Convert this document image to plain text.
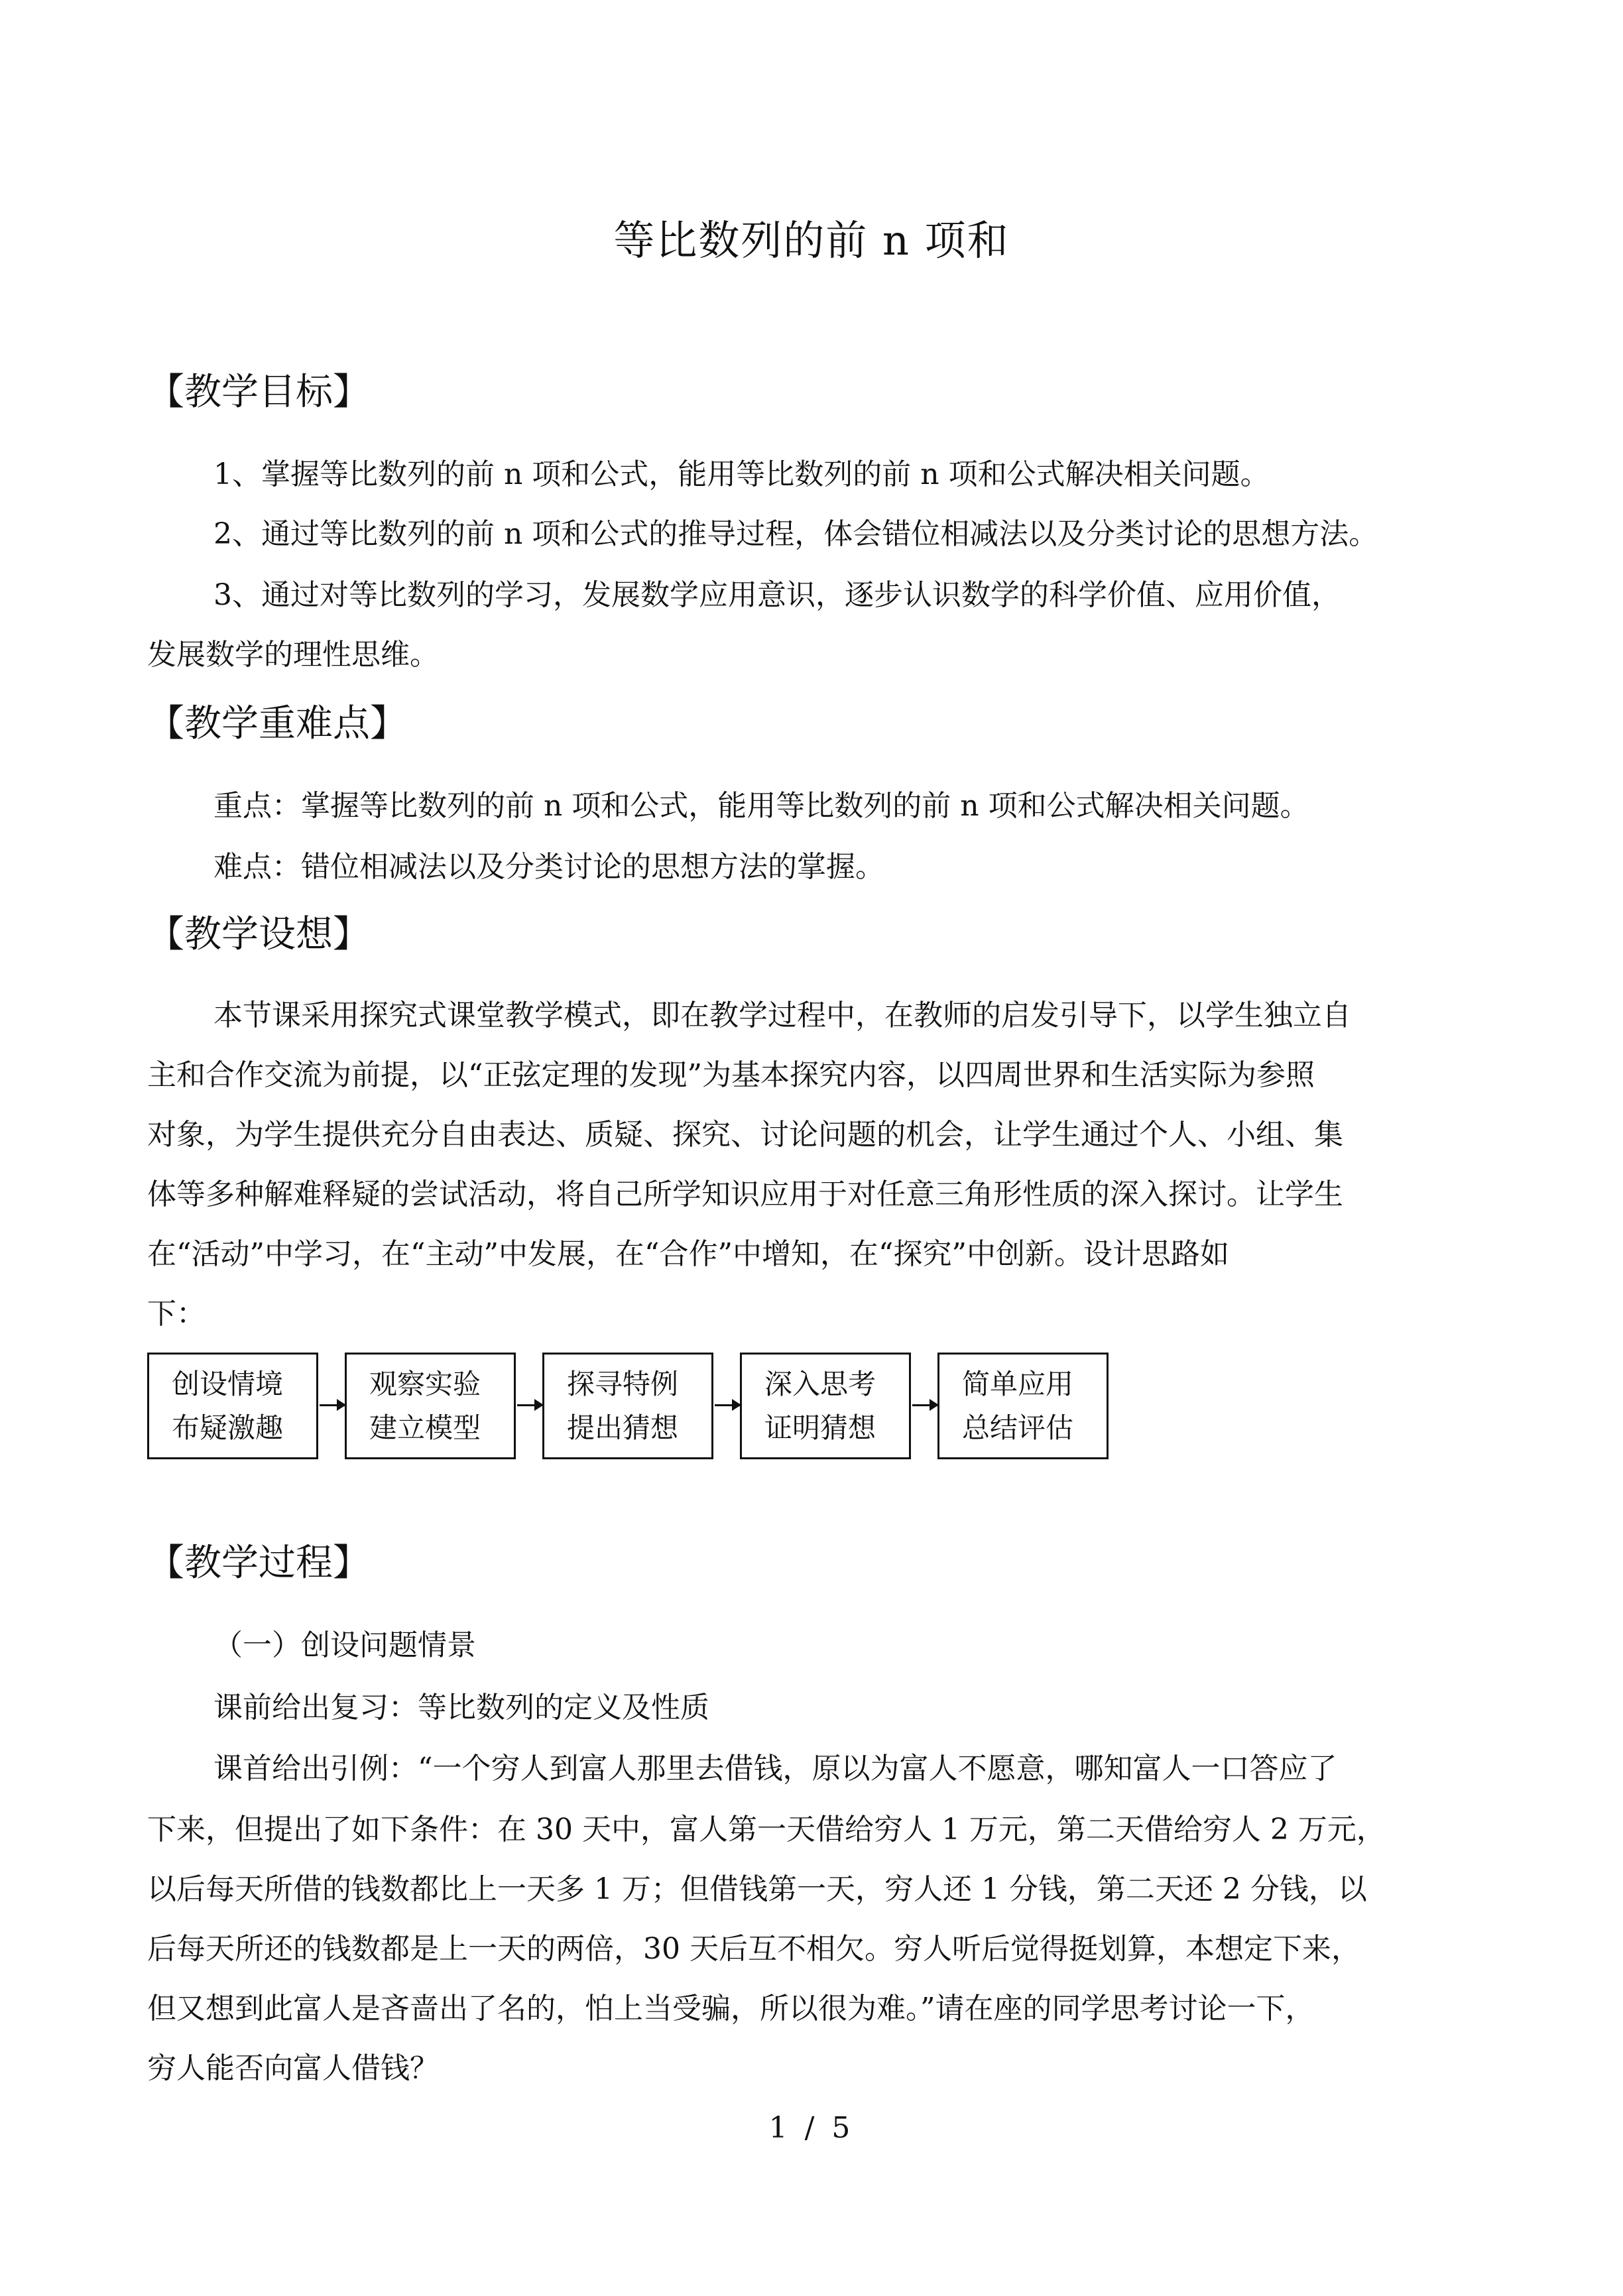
等比数列的前 n 项和
【教学目标】
1、掌握等比数列的前 n 项和公式，能用等比数列的前 n 项和公式解决相关问题。
2、通过等比数列的前 n 项和公式的推导过程，体会错位相减法以及分类讨论的思想方法。
3、通过对等比数列的学习，发展数学应用意识，逐步认识数学的科学价值、应用价值，
发展数学的理性思维。
【教学重难点】
重点：掌握等比数列的前 n 项和公式，能用等比数列的前 n 项和公式解决相关问题。
难点：错位相减法以及分类讨论的思想方法的掌握。
【教学设想】
本节课采用探究式课堂教学模式，即在教学过程中，在教师的启发引导下，以学生独立自
主和合作交流为前提，以“正弦定理的发现”为基本探究内容，以四周世界和生活实际为参照
对象，为学生提供充分自由表达、质疑、探究、讨论问题的机会，让学生通过个人、小组、集
体等多种解难释疑的尝试活动，将自己所学知识应用于对任意三角形性质的深入探讨。让学生
在“活动”中学习，在“主动”中发展，在“合作”中增知，在“探究”中创新。设计思路如
下：
创设情境
布疑激趣
观察实验
建立模型
探寻特例
提出猜想
深入思考
证明猜想
简单应用
总结评估
【教学过程】
（一）创设问题情景
课前给出复习：等比数列的定义及性质
课首给出引例：“一个穷人到富人那里去借钱，原以为富人不愿意，哪知富人一口答应了
下来，但提出了如下条件：在 30 天中，富人第一天借给穷人 1 万元，第二天借给穷人 2 万元，
以后每天所借的钱数都比上一天多 1 万；但借钱第一天，穷人还 1 分钱，第二天还 2 分钱，以
后每天所还的钱数都是上一天的两倍，30 天后互不相欠。穷人听后觉得挺划算，本想定下来，
但又想到此富人是吝啬出了名的，怕上当受骗，所以很为难。”请在座的同学思考讨论一下，
穷人能否向富人借钱？
1 / 5
